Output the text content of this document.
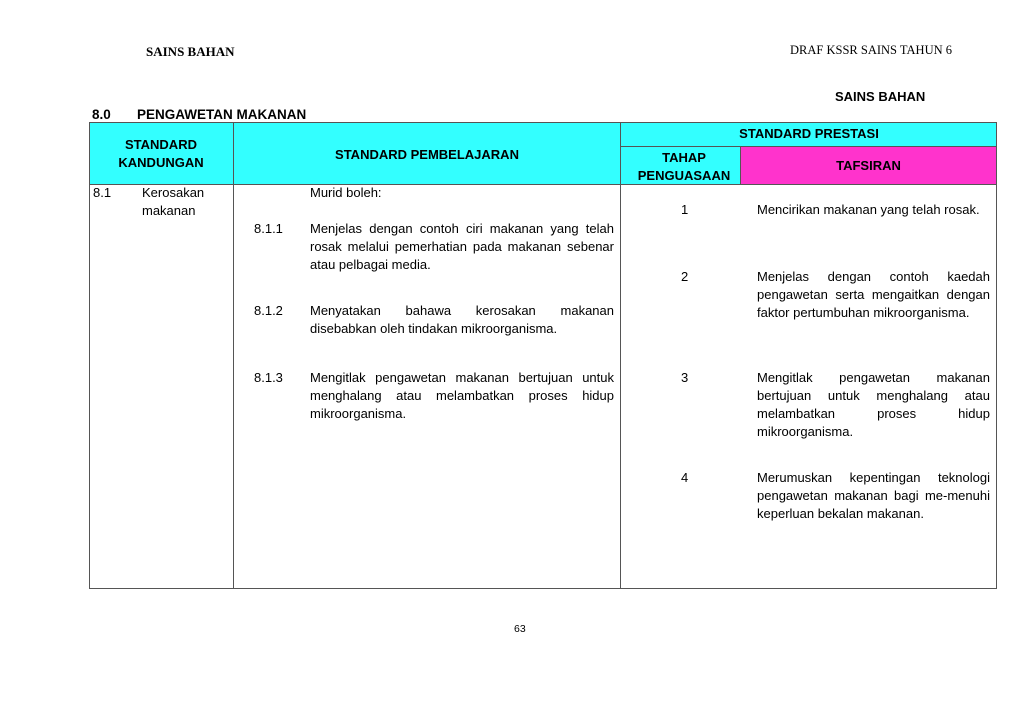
SAINS BAHAN	DRAF KSSR SAINS TAHUN 6
SAINS BAHAN
8.0 PENGAWETAN MAKANAN
STANDARD KANDUNGAN
STANDARD PEMBELAJARAN
STANDARD PRESTASI
TAHAP PENGUASAAN
TAFSIRAN
8.1 Kerosakan makanan
Murid boleh:
8.1.1 Menjelas dengan contoh ciri makanan yang telah rosak melalui pemerhatian pada makanan sebenar atau pelbagai media.
8.1.2 Menyatakan bahawa kerosakan makanan disebabkan oleh tindakan mikroorganisma.
8.1.3 Mengitlak pengawetan makanan bertujuan untuk menghalang atau melambatkan proses hidup mikroorganisma.
1	Mencirikan makanan yang telah rosak.
2	Menjelas dengan contoh kaedah pengawetan serta mengaitkan dengan faktor pertumbuhan mikroorganisma.
3	Mengitlak pengawetan makanan bertujuan untuk menghalang atau melambatkan proses hidup mikroorganisma.
4	Merumuskan kepentingan teknologi pengawetan makanan bagi me-menuhi keperluan bekalan makanan.
63
